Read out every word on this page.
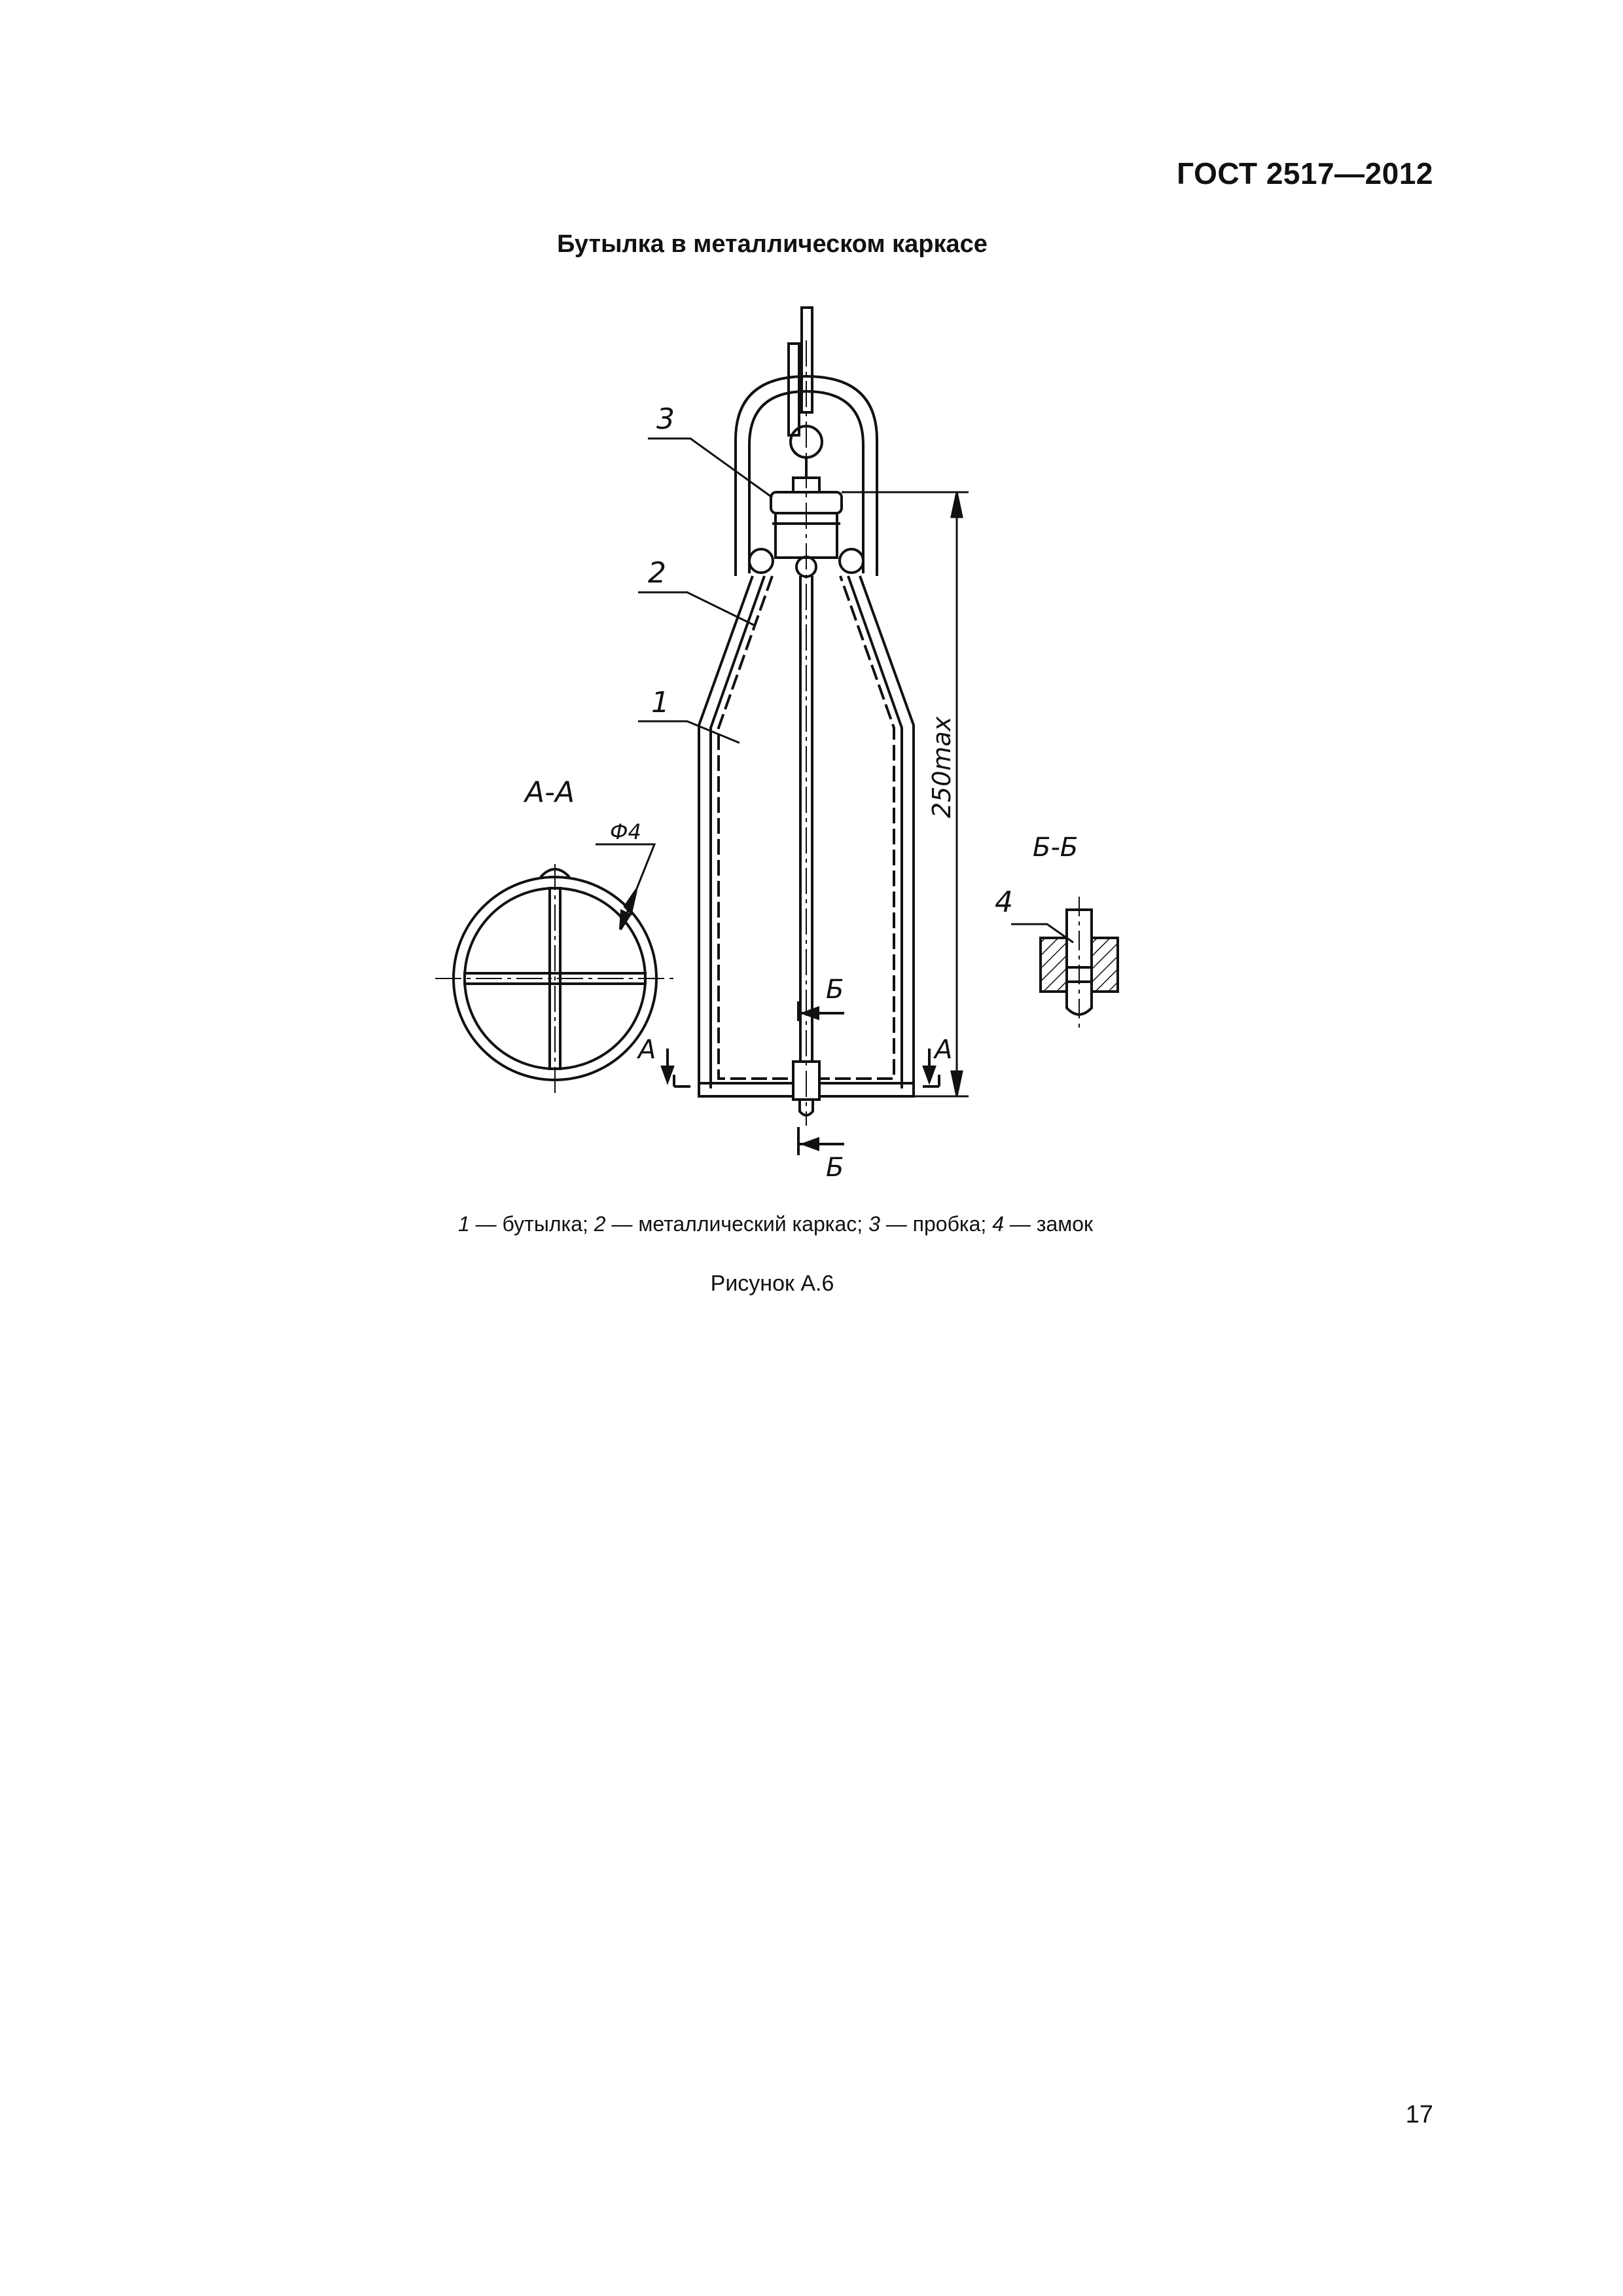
ГОСТ 2517—2012
Бутылка в металлическом каркасе
3
2
1
4
А-А
Б-Б
Ф4
250max
А	А
Б
Б
1 — бутылка; 2 — металлический каркас; 3 — пробка; 4 — замок
Рисунок А.6
17
